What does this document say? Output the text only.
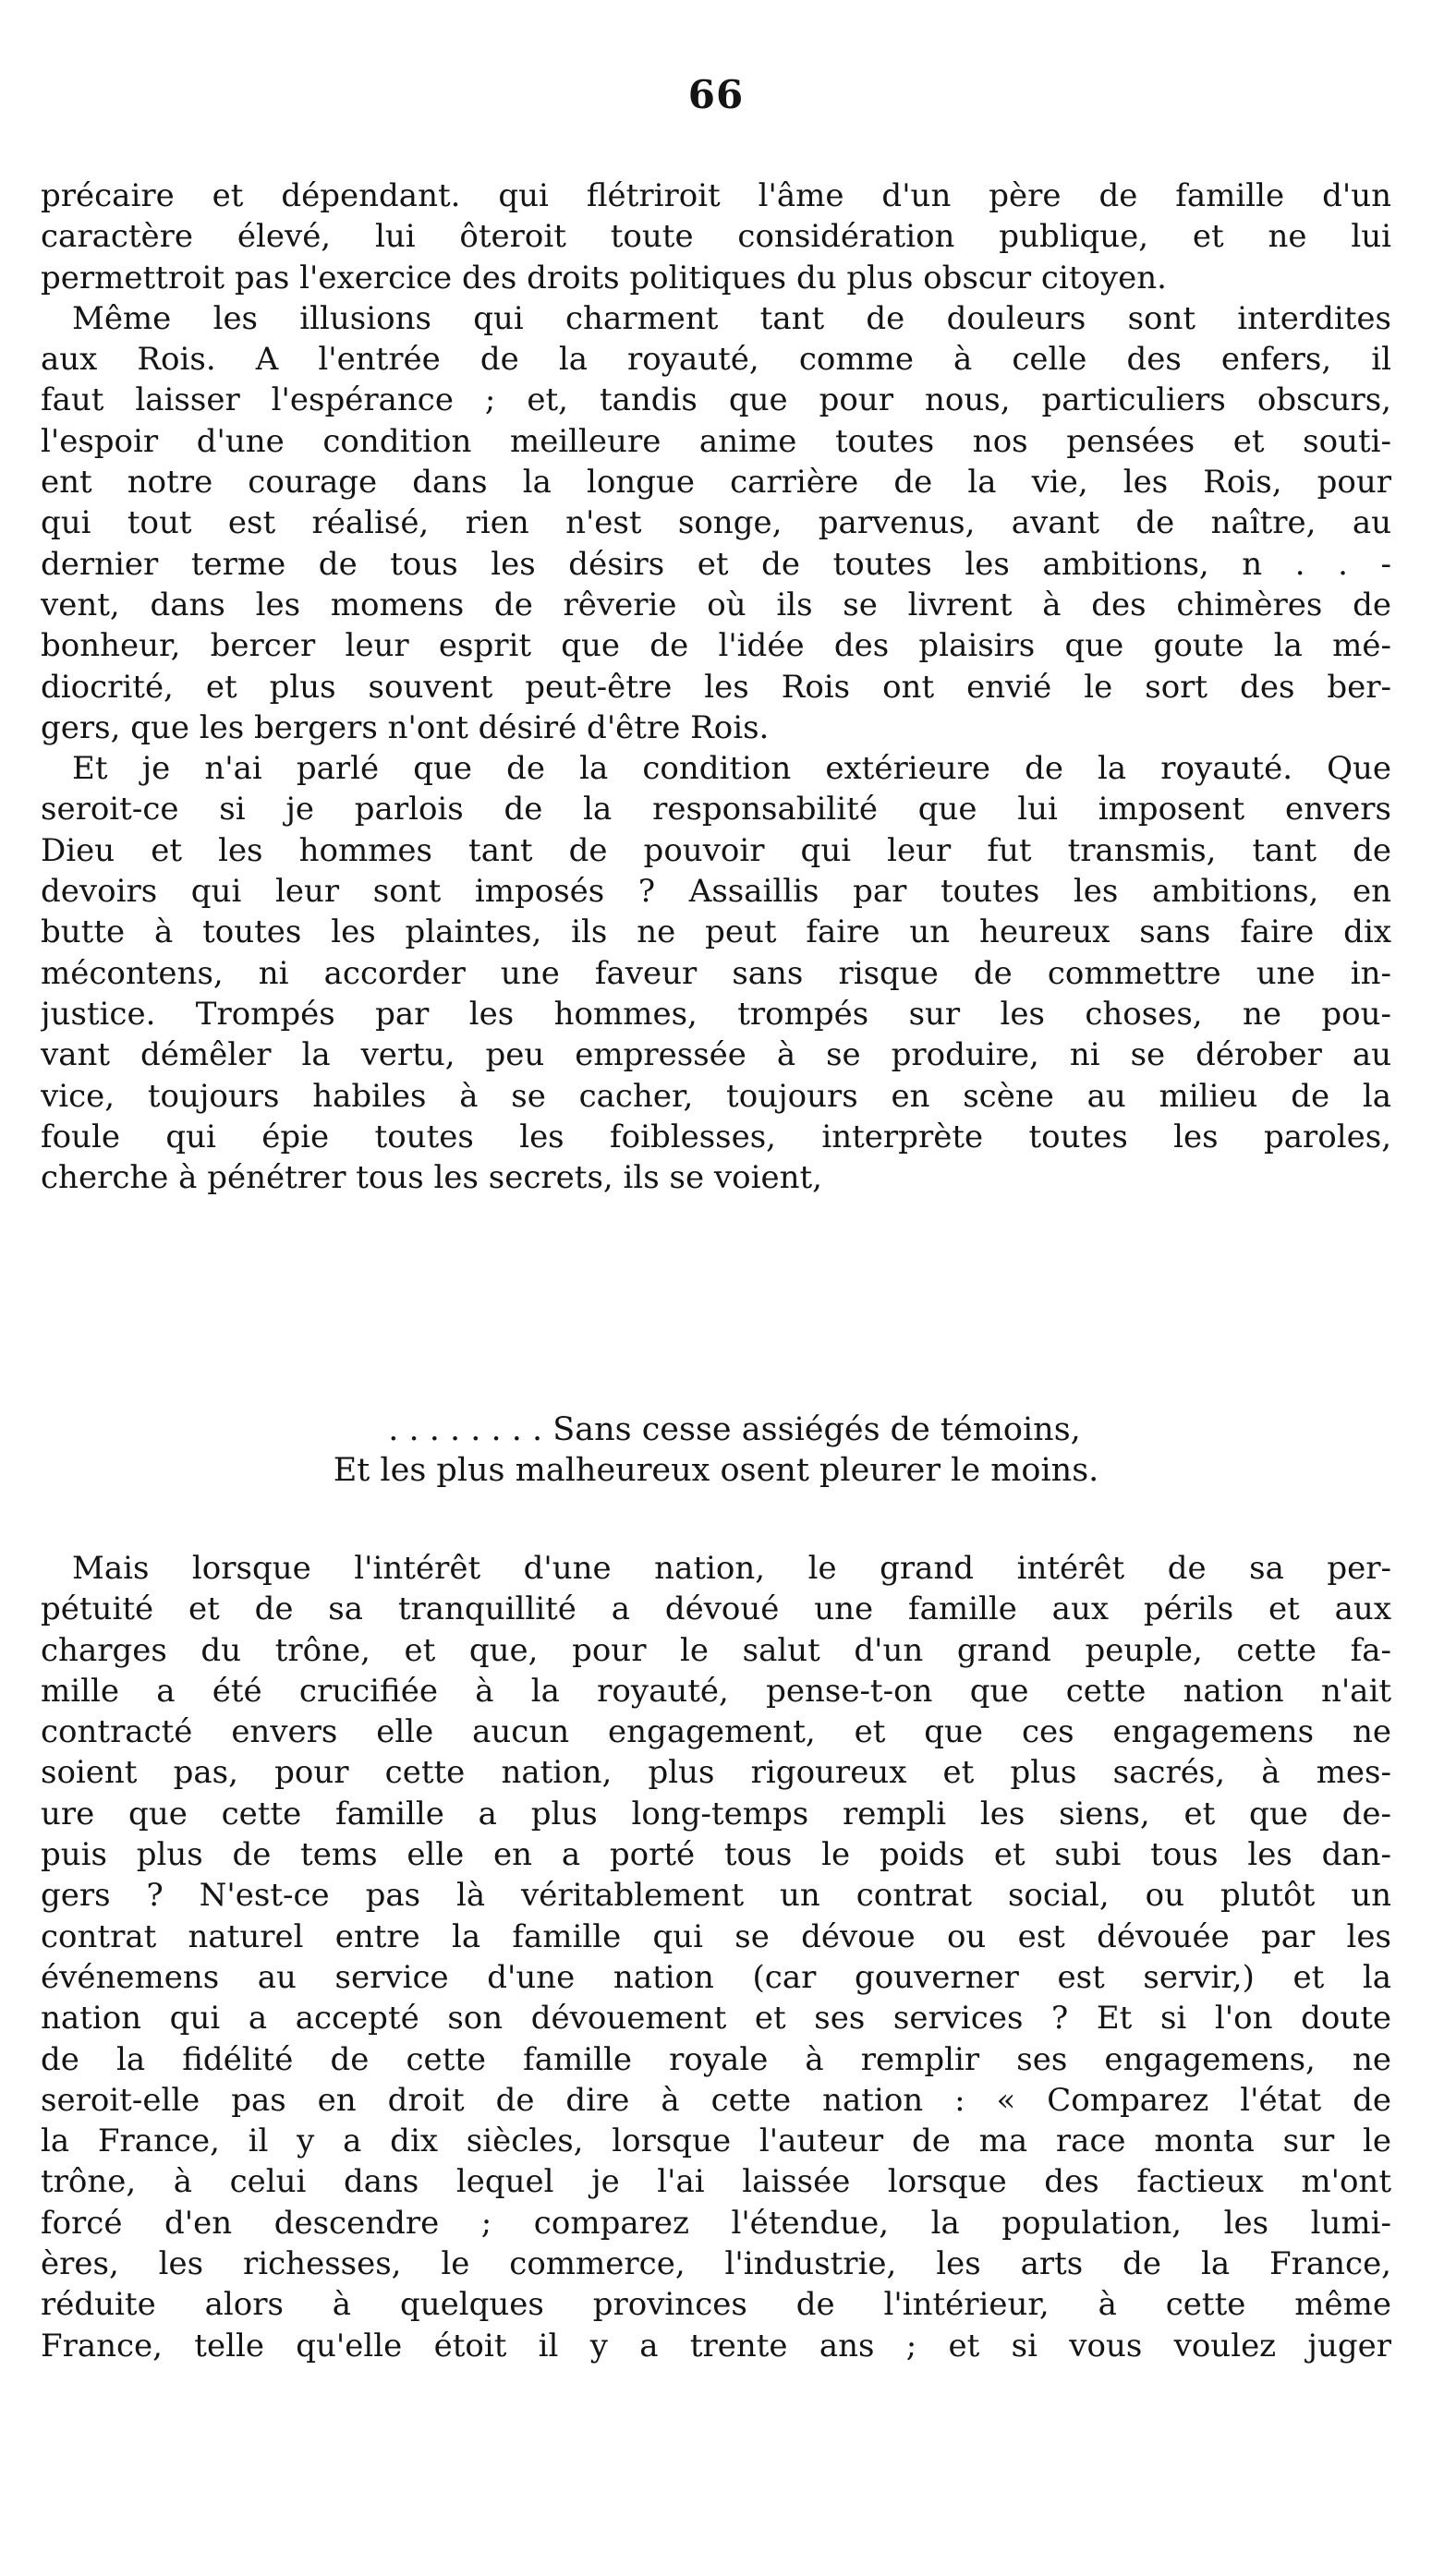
66
précaire et dépendant. qui flétriroit l'âme d'un père de famille d'un
caractère élevé, lui ôteroit toute considération publique, et ne lui
permettroit pas l'exercice des droits politiques du plus obscur citoyen.
Même les illusions qui charment tant de douleurs sont interdites
aux Rois. A l'entrée de la royauté, comme à celle des enfers, il
faut laisser l'espérance ; et, tandis que pour nous, particuliers obscurs,
l'espoir d'une condition meilleure anime toutes nos pensées et souti-
ent notre courage dans la longue carrière de la vie, les Rois, pour
qui tout est réalisé, rien n'est songe, parvenus, avant de naître, au
dernier terme de tous les désirs et de toutes les ambitions, n . . -
vent, dans les momens de rêverie où ils se livrent à des chimères de
bonheur, bercer leur esprit que de l'idée des plaisirs que goute la mé-
diocrité, et plus souvent peut-être les Rois ont envié le sort des ber-
gers, que les bergers n'ont désiré d'être Rois.
Et je n'ai parlé que de la condition extérieure de la royauté. Que
seroit-ce si je parlois de la responsabilité que lui imposent envers
Dieu et les hommes tant de pouvoir qui leur fut transmis, tant de
devoirs qui leur sont imposés ? Assaillis par toutes les ambitions, en
butte à toutes les plaintes, ils ne peut faire un heureux sans faire dix
mécontens, ni accorder une faveur sans risque de commettre une in-
justice. Trompés par les hommes, trompés sur les choses, ne pou-
vant démêler la vertu, peu empressée à se produire, ni se dérober au
vice, toujours habiles à se cacher, toujours en scène au milieu de la
foule qui épie toutes les foiblesses, interprète toutes les paroles,
cherche à pénétrer tous les secrets, ils se voient,
. . . . . . . . Sans cesse assiégés de témoins,
Et les plus malheureux osent pleurer le moins.
Mais lorsque l'intérêt d'une nation, le grand intérêt de sa per-
pétuité et de sa tranquillité a dévoué une famille aux périls et aux
charges du trône, et que, pour le salut d'un grand peuple, cette fa-
mille a été crucifiée à la royauté, pense-t-on que cette nation n'ait
contracté envers elle aucun engagement, et que ces engagemens ne
soient pas, pour cette nation, plus rigoureux et plus sacrés, à mes-
ure que cette famille a plus long-temps rempli les siens, et que de-
puis plus de tems elle en a porté tous le poids et subi tous les dan-
gers ? N'est-ce pas là véritablement un contrat social, ou plutôt un
contrat naturel entre la famille qui se dévoue ou est dévouée par les
événemens au service d'une nation (car gouverner est servir,) et la
nation qui a accepté son dévouement et ses services ? Et si l'on doute
de la fidélité de cette famille royale à remplir ses engagemens, ne
seroit-elle pas en droit de dire à cette nation : « Comparez l'état de
la France, il y a dix siècles, lorsque l'auteur de ma race monta sur le
trône, à celui dans lequel je l'ai laissée lorsque des factieux m'ont
forcé d'en descendre ; comparez l'étendue, la population, les lumi-
ères, les richesses, le commerce, l'industrie, les arts de la France,
réduite alors à quelques provinces de l'intérieur, à cette même
France, telle qu'elle étoit il y a trente ans ; et si vous voulez juger
